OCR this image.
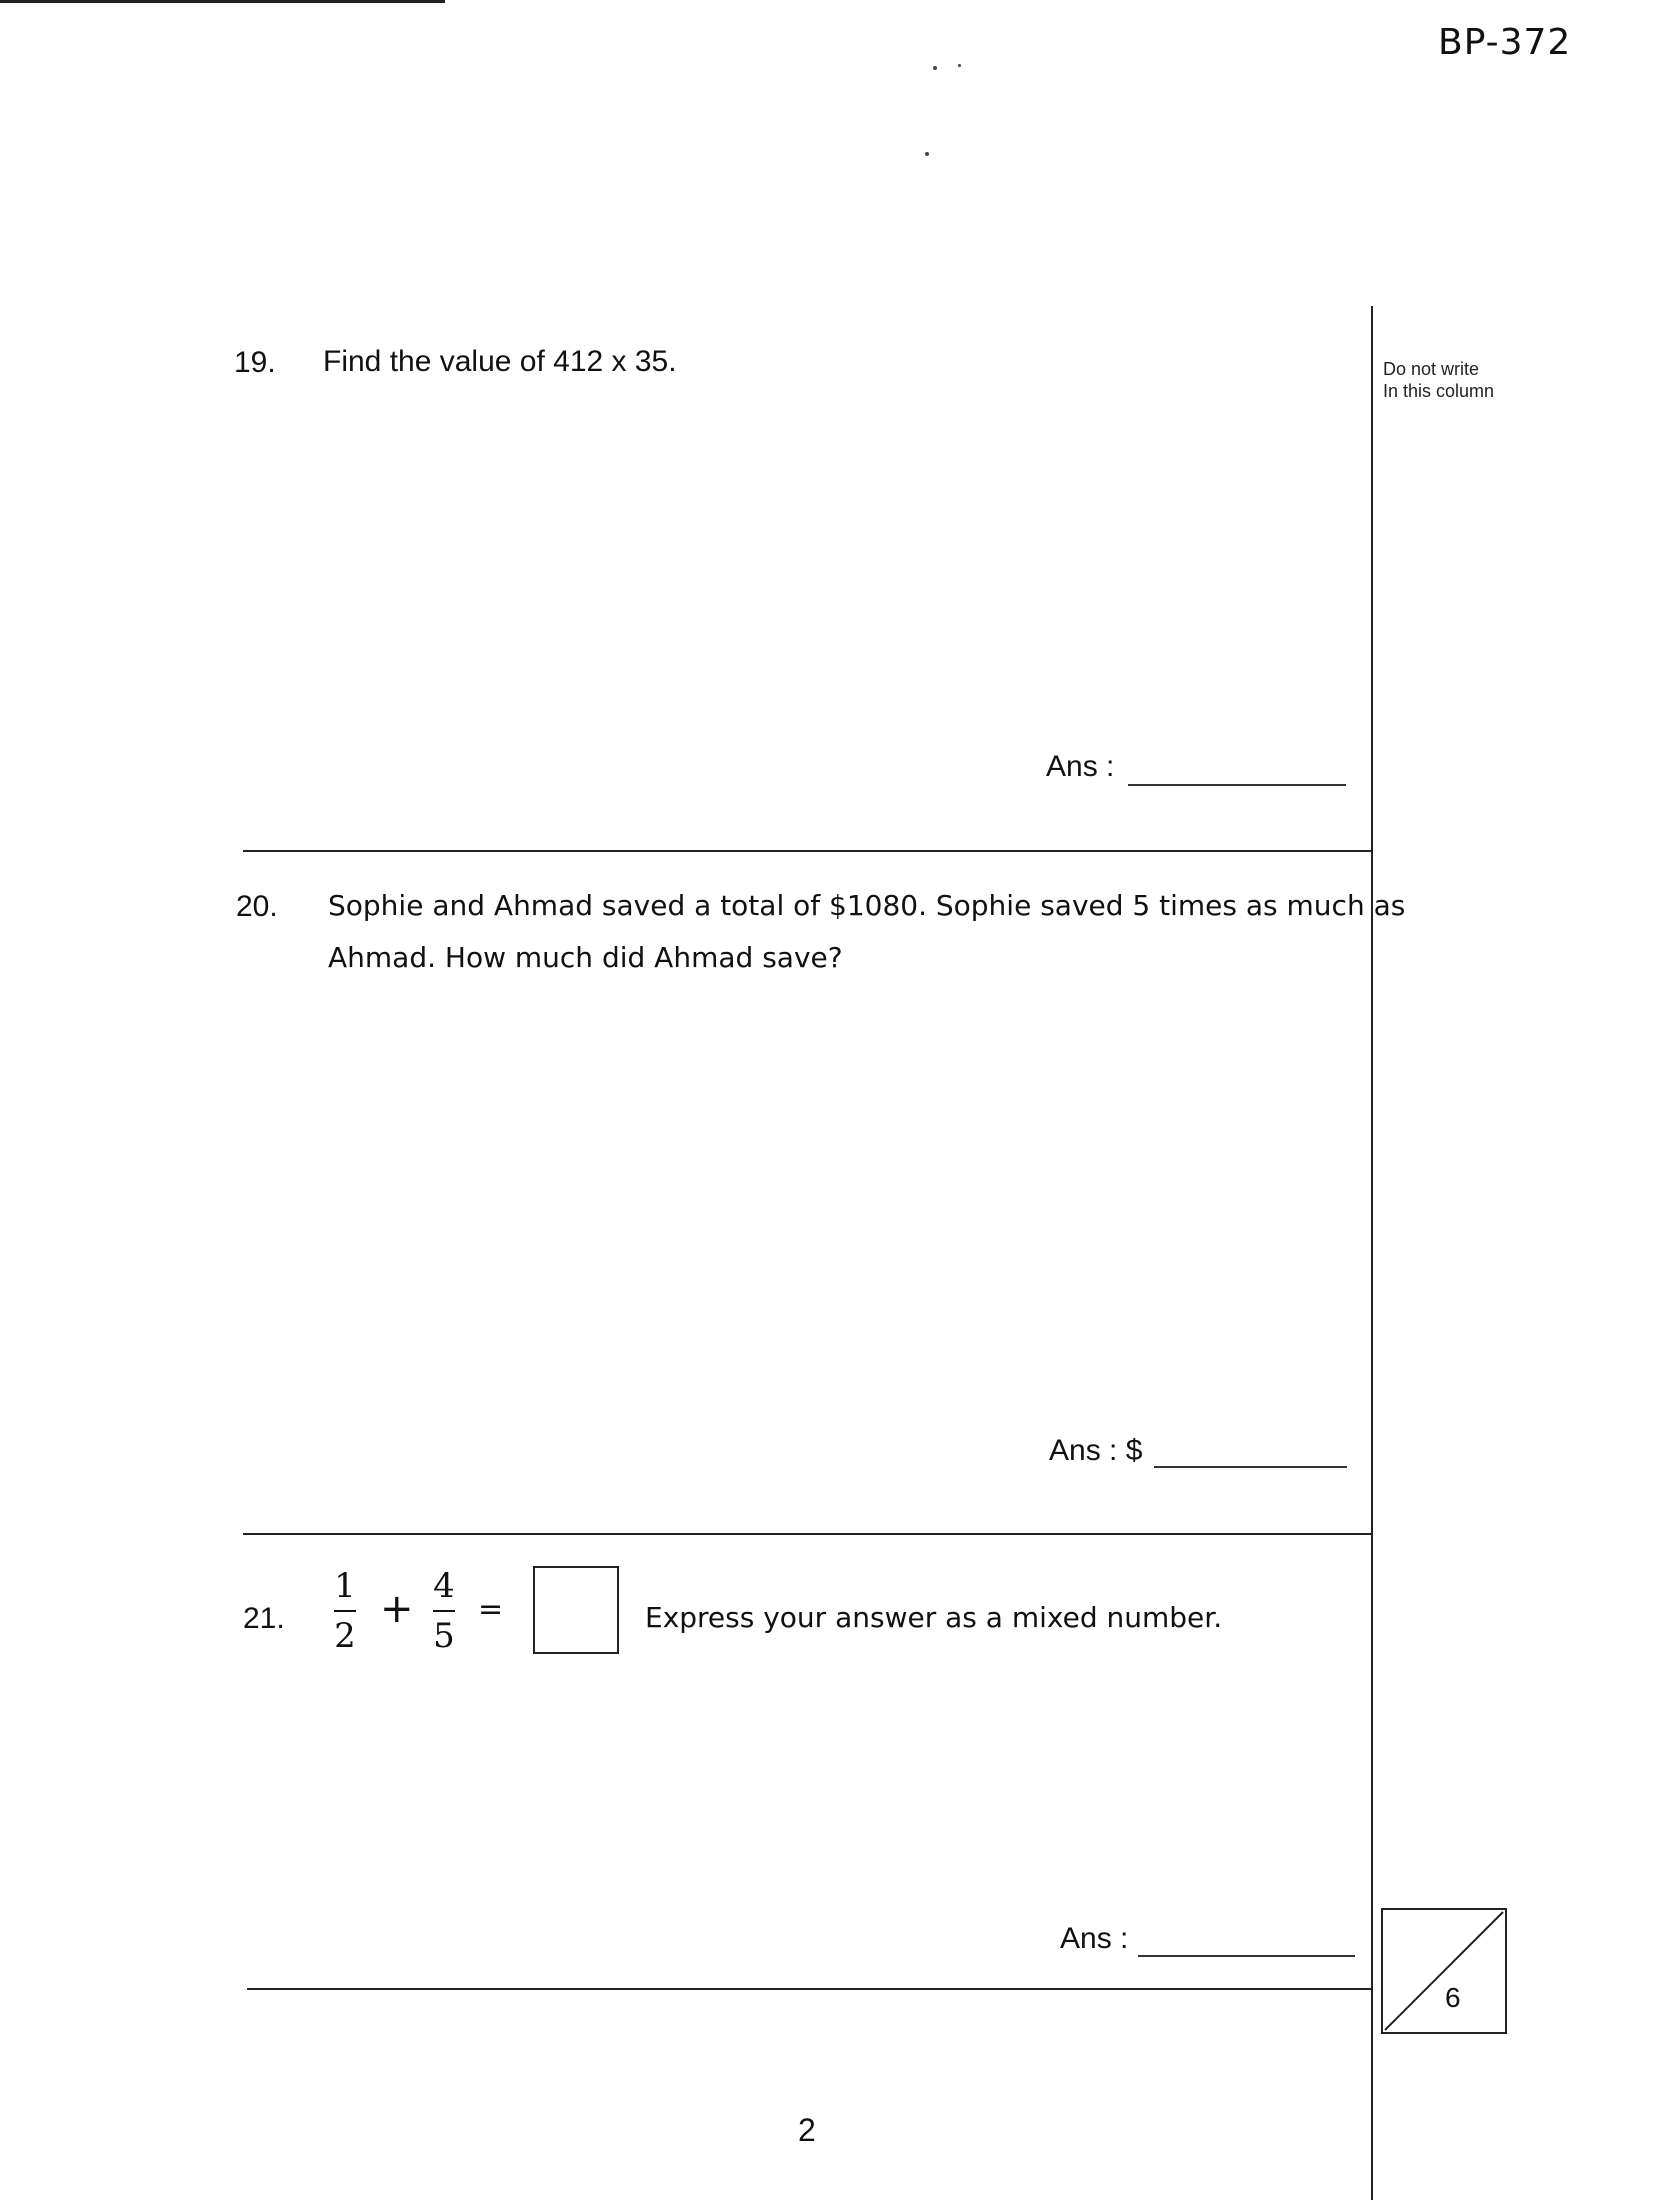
BP-372
Do not write
In this column
19. Find the value of 412 x 35.
Ans :
20. Sophie and Ahmad saved a total of $1080. Sophie saved 5 times as much as
Ahmad. How much did Ahmad save?
Ans : $
21.
1
2
+ 4
5
=	Express your answer as a mixed number.
Ans :
6
2
